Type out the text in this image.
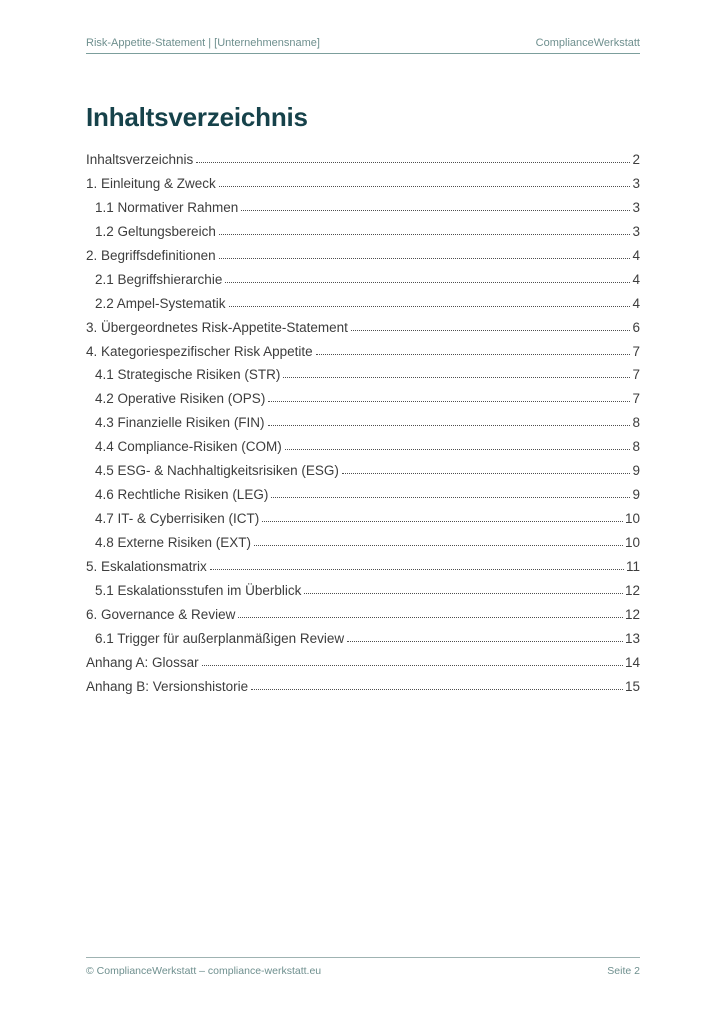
Risk-Appetite-Statement | [Unternehmensname]	ComplianceWerkstatt
Inhaltsverzeichnis
Inhaltsverzeichnis	2
1. Einleitung & Zweck	3
1.1 Normativer Rahmen	3
1.2 Geltungsbereich	3
2. Begriffsdefinitionen	4
2.1 Begriffshierarchie	4
2.2 Ampel-Systematik	4
3. Übergeordnetes Risk-Appetite-Statement	6
4. Kategoriespezifischer Risk Appetite	7
4.1 Strategische Risiken (STR)	7
4.2 Operative Risiken (OPS)	7
4.3 Finanzielle Risiken (FIN)	8
4.4 Compliance-Risiken (COM)	8
4.5 ESG- & Nachhaltigkeitsrisiken (ESG)	9
4.6 Rechtliche Risiken (LEG)	9
4.7 IT- & Cyberrisiken (ICT)	10
4.8 Externe Risiken (EXT)	10
5. Eskalationsmatrix	11
5.1 Eskalationsstufen im Überblick	12
6. Governance & Review	12
6.1 Trigger für außerplanmäßigen Review	13
Anhang A: Glossar	14
Anhang B: Versionshistorie	15
© ComplianceWerkstatt – compliance-werkstatt.eu	Seite 2
